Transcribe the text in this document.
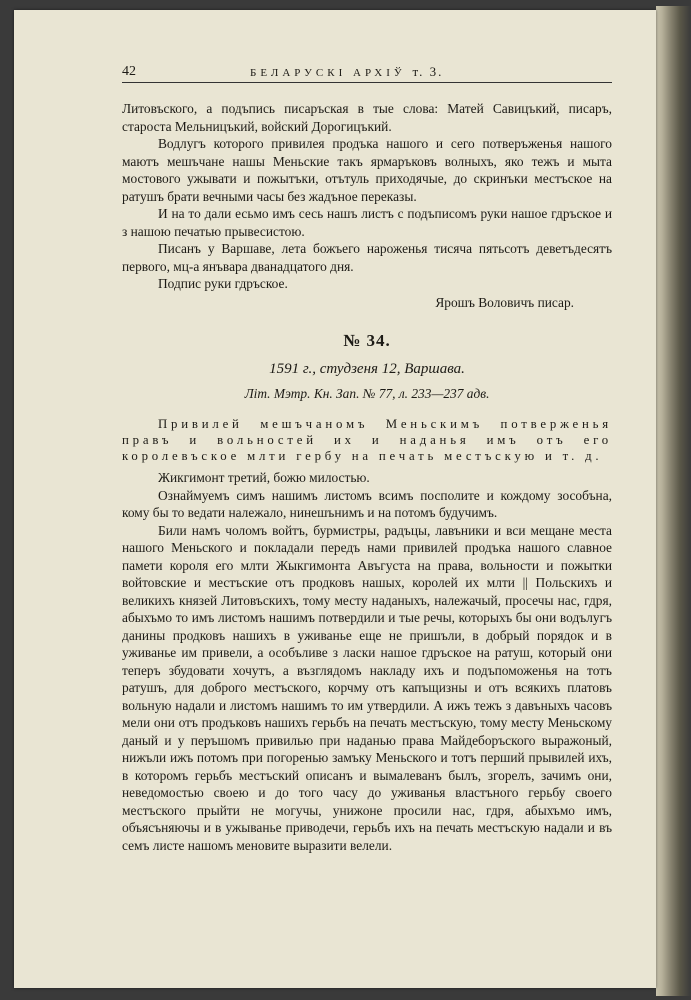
42	БЕЛАРУСКІ АРХІЎ т. 3.

Литовъского, а подъпись писаръская в тые слова: Матей Савицъкий, писаръ, староста Мельницъкий, войский Дорогицъкий.

Водлугъ которого привилея продъка нашого и сего потверъженья нашого маютъ мешъчане нашы Меньские такъ ярмаръковъ волныхъ, яко тежъ и мыта мостового ужывати и пожытъки, отътуль приходячые, до скринъки местъское на ратушъ брати вечными часы без жадъное переказы.

И на то дали есьмо имъ сесь нашъ листъ с подъписомъ руки нашое гдръское и з нашою печатью прывесистою.

Писанъ у Варшаве, лета божъего нароженья тисяча пятьсотъ деветъдесятъ первого, мц-а янъвара дванадцатого дня.

Подпис руки гдръское.

Ярошъ Воловичъ писар.

№ 34.
1591 г., студзеня 12, Варшава.
Літ. Мэтр. Кн. Зап. № 77, л. 233—237 адв.

Привилей мешъчаномъ Меньскимъ потверженья правъ и вольностей их и наданья имъ отъ его королевъское млти гербу на печать местъскую и т. д.

Жикгимонт третий, божю милостью.

Ознаймуемъ симъ нашимъ листомъ всимъ посполите и кождому зособъна, кому бы то ведати належало, нинешънимъ и на потомъ будучимъ.

Били намъ чоломъ войтъ, бурмистры, радъцы, лавъники и вси мещане места нашого Меньского и покладали передъ нами привилей продъка нашого славное памети короля его млти Жыкгимонта Авъгуста на права, вольности и пожытки войтовские и местъские отъ продковъ нашых, королей их млти || Польскихъ и великихъ князей Литовъскихъ, тому месту наданыхъ, належачый, просечы нас, гдря, абыхъмо то имъ листомъ нашимъ потвердили и тые речы, которыхъ бы они водълугъ данины продковъ нашихъ в уживанье еще не пришъли, в добрый порядок и в уживанье им привели, а особъливе з ласки нашое гдръское на ратуш, который они теперъ збудовати хочутъ, а възглядомъ накладу ихъ и подъпоможенья на тотъ ратушъ, для доброго местъского, корчму отъ капъщизны и отъ всякихъ платовъ вольную надали и листомъ нашимъ то им утвердили. А ижъ тежъ з давъныхъ часовъ мели они отъ продъковъ нашихъ герьбъ на печать местъскую, тому месту Меньскому даный и у перъшомъ привилью при наданью права Майдеборъского выражоный, нижъли ижъ потомъ при погоренью замъку Меньского и тотъ перший прывилей ихъ, в которомъ герьбъ местъский описанъ и вымалеванъ былъ, згорелъ, зачимъ они, неведомостью своею и до того часу до уживанья властъного герьбу своего местъского прыйти не могучы, унижоне просили нас, гдря, абыхъмо имъ, объясъняючы и в ужыванье приводечи, герьбъ ихъ на печать местъскую надали и въ семъ листе нашомъ меновите выразити велели.
